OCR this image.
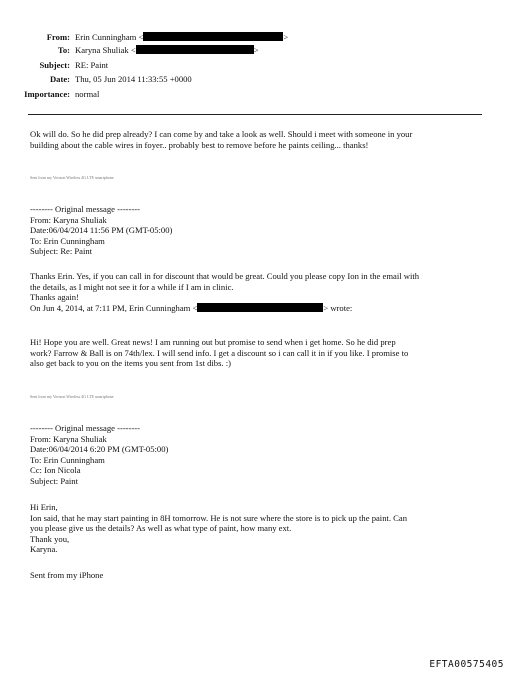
From: Erin Cunningham <	>
To: Karyna Shuliak <	>
Subject: RE: Paint
Date: Thu, 05 Jun 2014 11:33:55 +0000
Importance: normal
Ok will do. So he did prep already? I can come by and take a look as well. Should i meet with someone in your
building about the cable wires in foyer.. probably best to remove before he paints ceiling... thanks!
Sent from my Verizon Wireless 4G LTE smartphone
-------- Original message --------
From: Karyna Shuliak
Date:06/04/2014 11:56 PM (GMT-05:00)
To: Erin Cunningham
Subject: Re: Paint
Thanks Erin. Yes, if you can call in for discount that would be great. Could you please copy Ion in the email with
the details, as I might not see it for a while if I am in clinic.
Thanks again!
On Jun 4, 2014, at 7:11 PM, Erin Cunningham <	> wrote:
Hi! Hope you are well. Great news! I am running out but promise to send when i get home. So he did prep
work? Farrow & Ball is on 74th/lex. I will send info. I get a discount so i can call it in if you like. I promise to
also get back to you on the items you sent from 1st dibs. :)
Sent from my Verizon Wireless 4G LTE smartphone
-------- Original message --------
From: Karyna Shuliak
Date:06/04/2014 6:20 PM (GMT-05:00)
To: Erin Cunningham
Cc: Ion Nicola
Subject: Paint
Hi Erin,
Ion said, that he may start painting in 8H tomorrow. He is not sure where the store is to pick up the paint. Can
you please give us the details? As well as what type of paint, how many ext.
Thank you,
Karyna.
Sent from my iPhone
EFTA00575405
